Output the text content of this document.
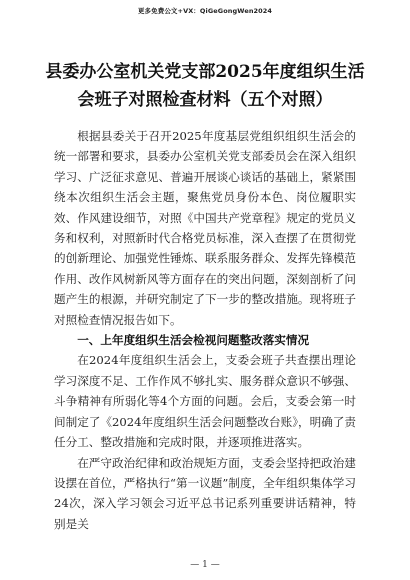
更多免费公文+VX：QiGeGongWen2024
县委办公室机关党支部2025年度组织生活会班子对照检查材料（五个对照）

根据县委关于召开2025年度基层党组织组织生活会的统一部署和要求，县委办公室机关党支部委员会在深入组织学习、广泛征求意见、普遍开展谈心谈话的基础上，紧紧围绕本次组织生活会主题，聚焦党员身份本色、岗位履职实效、作风建设细节，对照《中国共产党章程》规定的党员义务和权利，对照新时代合格党员标准，深入查摆了在贯彻党的创新理论、加强党性锤炼、联系服务群众、发挥先锋模范作用、改作风树新风等方面存在的突出问题，深刻剖析了问题产生的根源，并研究制定了下一步的整改措施。现将班子对照检查情况报告如下。

一、上年度组织生活会检视问题整改落实情况

在2024年度组织生活会上，支委会班子共查摆出理论学习深度不足、工作作风不够扎实、服务群众意识不够强、斗争精神有所弱化等4个方面的问题。会后，支委会第一时间制定了《2024年度组织生活会问题整改台账》，明确了责任分工、整改措施和完成时限，并逐项推进落实。

在严守政治纪律和政治规矩方面，支委会坚持把政治建设摆在首位，严格执行“第一议题”制度，全年组织集体学习24次，深入学习领会习近平总书记系列重要讲话精神，特别是关

— 1 —
